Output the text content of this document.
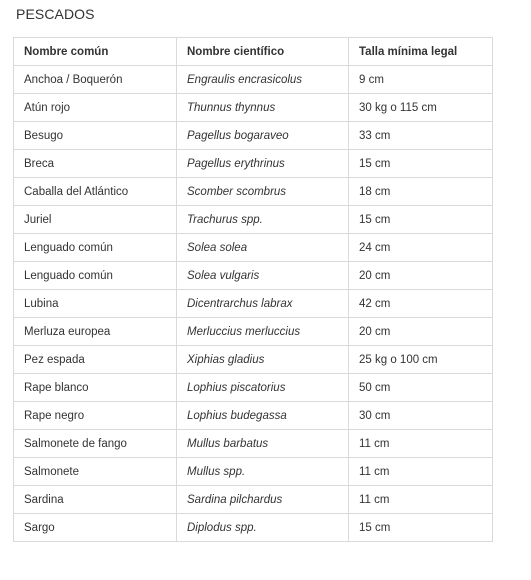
PESCADOS
Nombre común	Nombre científico	Talla mínima legal
Anchoa / Boquerón	Engraulis encrasicolus	9 cm
Atún rojo	Thunnus thynnus	30 kg o 115 cm
Besugo	Pagellus bogaraveo	33 cm
Breca	Pagellus erythrinus	15 cm
Caballa del Atlántico	Scomber scombrus	18 cm
Juriel	Trachurus spp.	15 cm
Lenguado común	Solea solea	24 cm
Lenguado común	Solea vulgaris	20 cm
Lubina	Dicentrarchus labrax	42 cm
Merluza europea	Merluccius merluccius	20 cm
Pez espada	Xiphias gladius	25 kg o 100 cm
Rape blanco	Lophius piscatorius	50 cm
Rape negro	Lophius budegassa	30 cm
Salmonete de fango	Mullus barbatus	11 cm
Salmonete	Mullus spp.	11 cm
Sardina	Sardina pilchardus	11 cm
Sargo	Diplodus spp.	15 cm
